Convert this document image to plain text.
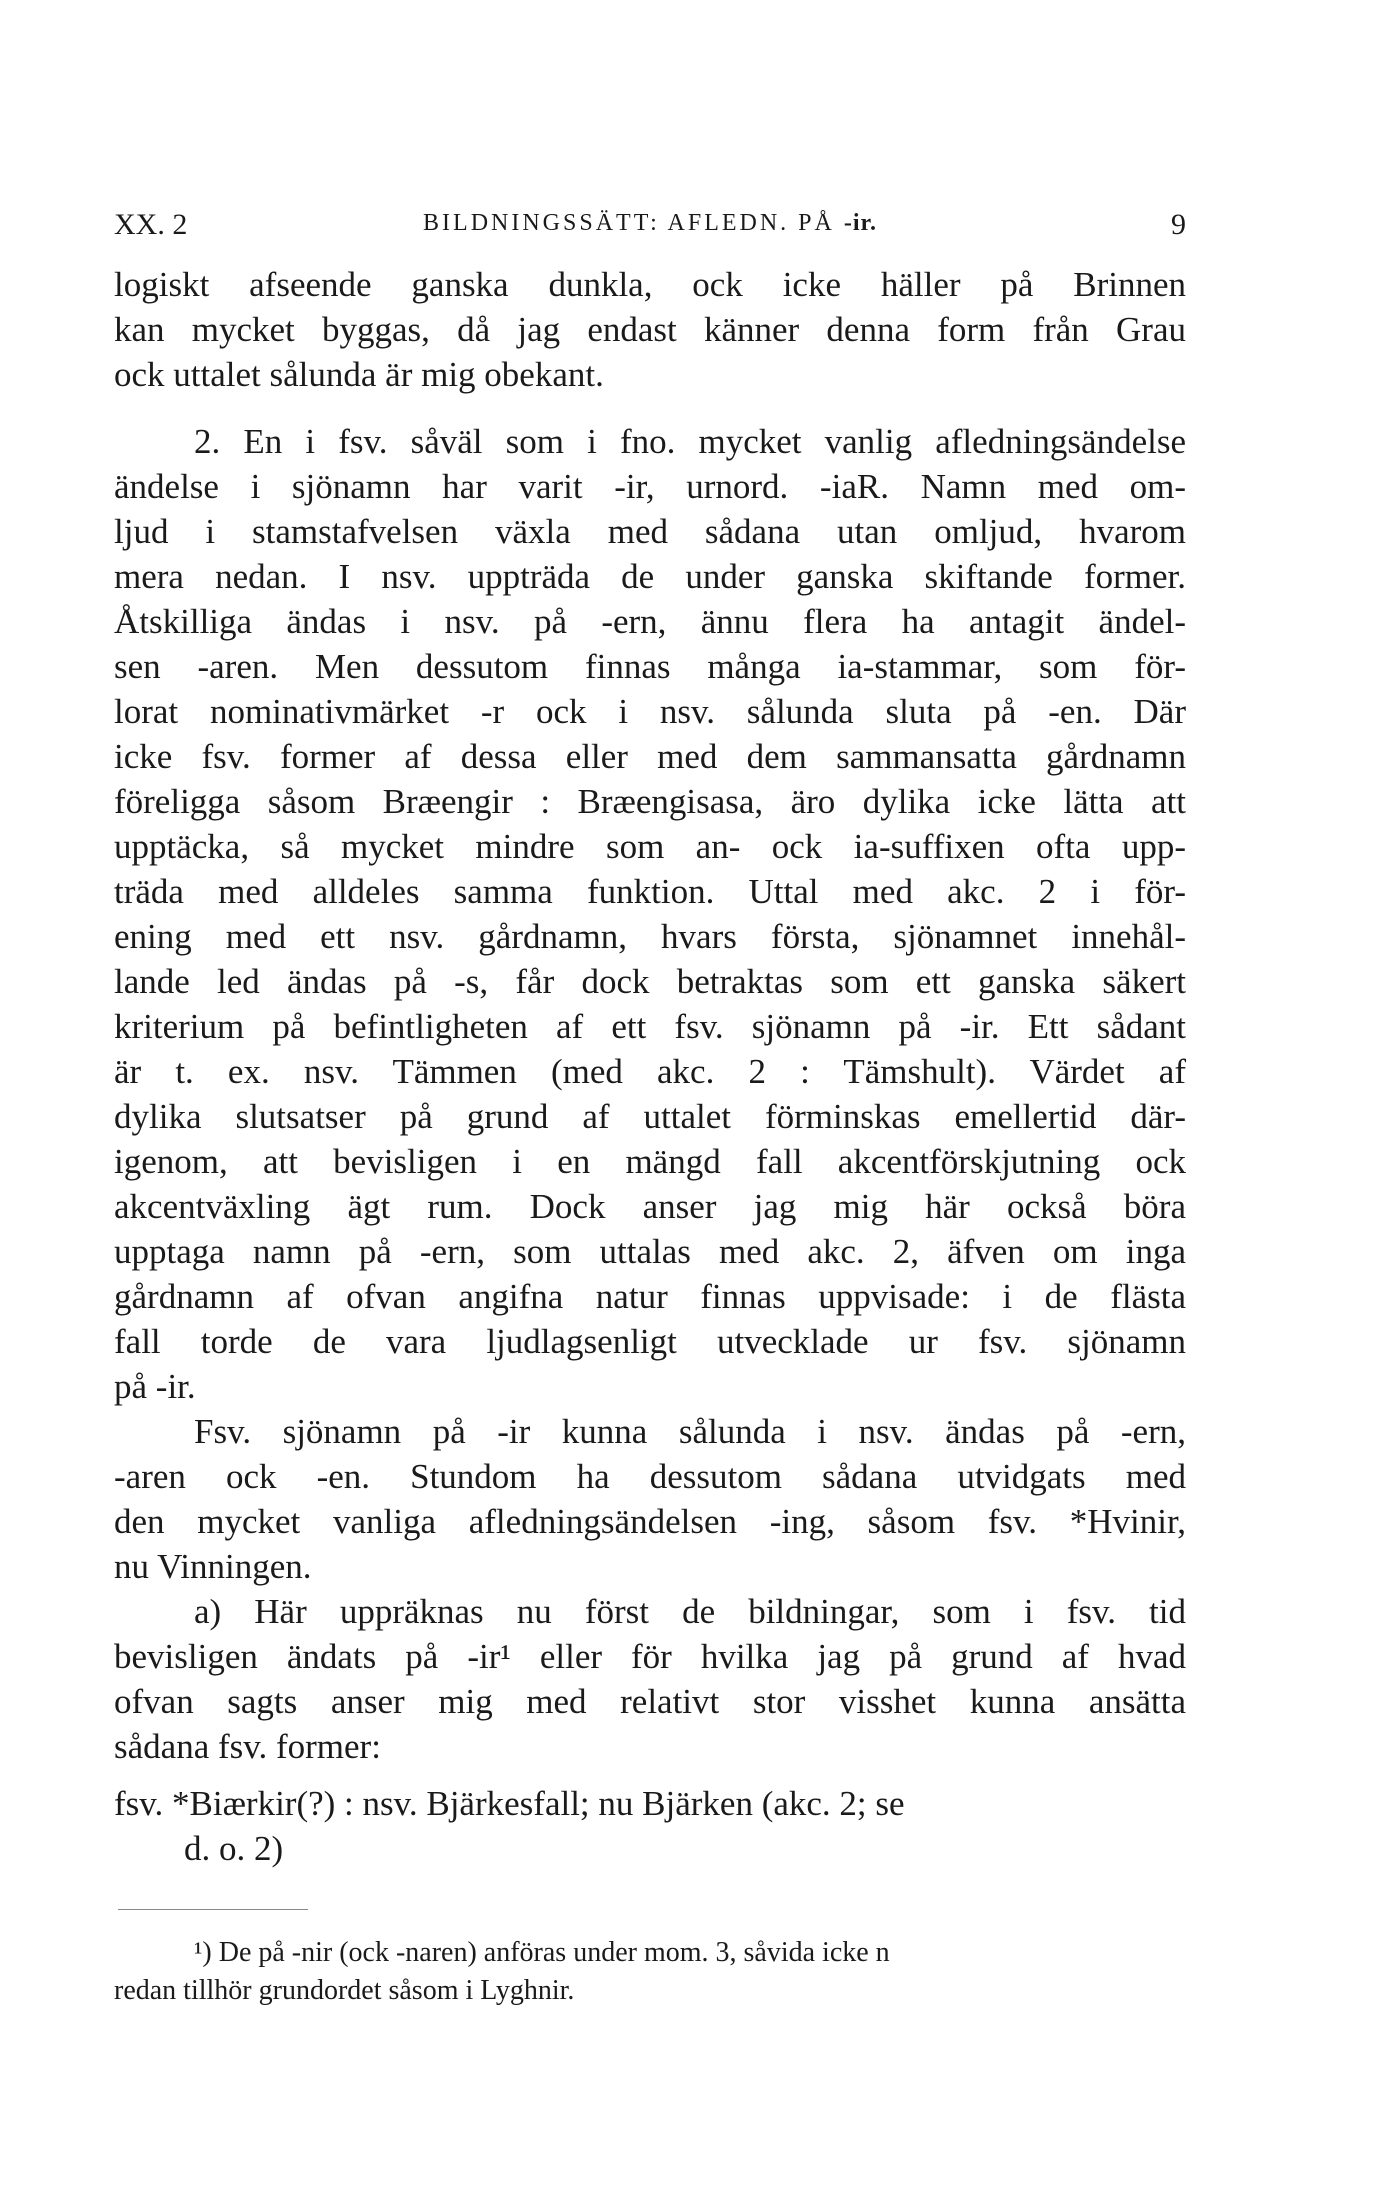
XX. 2	BILDNINGSSÄTT: AFLEDN. PÅ -ir.	9
logiskt afseende ganska dunkla, ock icke häller på Brinnen
kan mycket byggas, då jag endast känner denna form från Grau
ock uttalet sålunda är mig obekant.
2. En i fsv. såväl som i fno. mycket vanlig afledningsändelse
ändelse i sjönamn har varit -ir, urnord. -iaR. Namn med om-
ljud i stamstafvelsen växla med sådana utan omljud, hvarom
mera nedan. I nsv. uppträda de under ganska skiftande former.
Åtskilliga ändas i nsv. på -ern, ännu flera ha antagit ändel-
sen -aren. Men dessutom finnas många ia-stammar, som för-
lorat nominativmärket -r ock i nsv. sålunda sluta på -en. Där
icke fsv. former af dessa eller med dem sammansatta gårdnamn
föreligga såsom Bræengir : Bræengisasa, äro dylika icke lätta att
upptäcka, så mycket mindre som an- ock ia-suffixen ofta upp-
träda med alldeles samma funktion. Uttal med akc. 2 i för-
ening med ett nsv. gårdnamn, hvars första, sjönamnet innehål-
lande led ändas på -s, får dock betraktas som ett ganska säkert
kriterium på befintligheten af ett fsv. sjönamn på -ir. Ett sådant
är t. ex. nsv. Tämmen (med akc. 2 : Tämshult). Värdet af
dylika slutsatser på grund af uttalet förminskas emellertid där-
igenom, att bevisligen i en mängd fall akcentförskjutning ock
akcentväxling ägt rum. Dock anser jag mig här också böra
upptaga namn på -ern, som uttalas med akc. 2, äfven om inga
gårdnamn af ofvan angifna natur finnas uppvisade: i de flästa
fall torde de vara ljudlagsenligt utvecklade ur fsv. sjönamn
på -ir.
Fsv. sjönamn på -ir kunna sålunda i nsv. ändas på -ern,
-aren ock -en. Stundom ha dessutom sådana utvidgats med
den mycket vanliga afledningsändelsen -ing, såsom fsv. *Hvinir,
nu Vinningen.
a) Här uppräknas nu först de bildningar, som i fsv. tid
bevisligen ändats på -ir¹ eller för hvilka jag på grund af hvad
ofvan sagts anser mig med relativt stor visshet kunna ansätta
sådana fsv. former:
fsv. *Biærkir(?) : nsv. Bjärkesfall; nu Bjärken (akc. 2; se
d. o. 2)
¹) De på -nir (ock -naren) anföras under mom. 3, såvida icke n
redan tillhör grundordet såsom i Lyghnir.
